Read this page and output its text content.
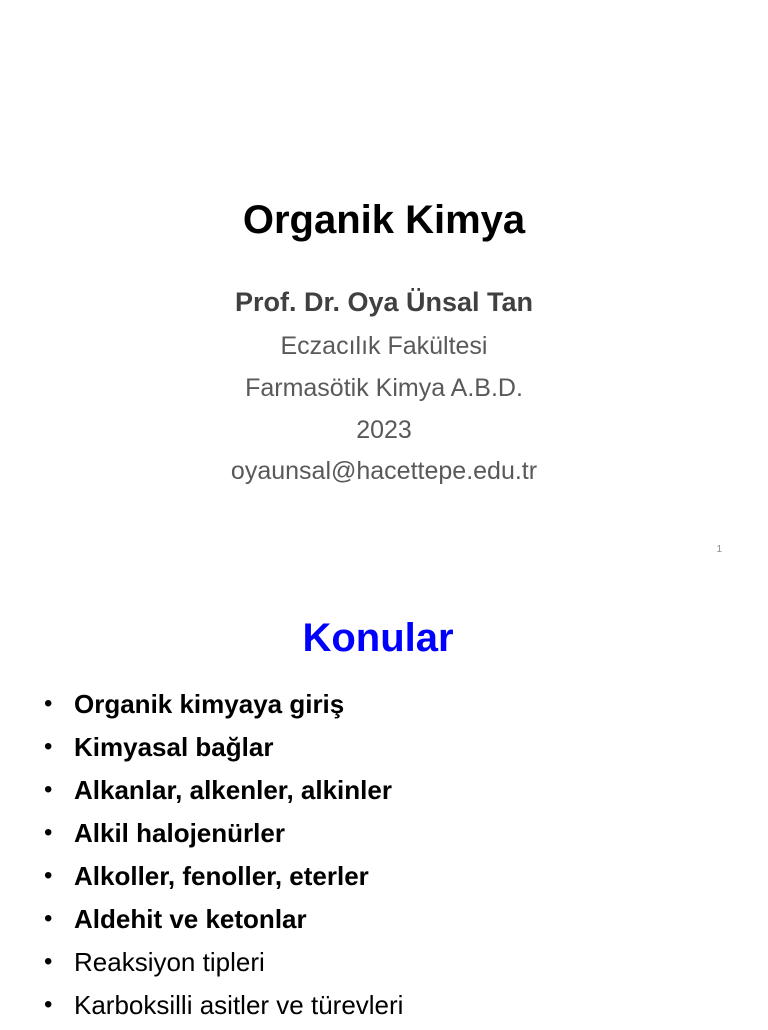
Organik Kimya
Prof. Dr. Oya Ünsal Tan
Eczacılık Fakültesi
Farmasötik Kimya A.B.D.
2023
oyaunsal@hacettepe.edu.tr
1
Konular
• Organik kimyaya giriş
• Kimyasal bağlar
• Alkanlar, alkenler, alkinler
• Alkil halojenürler
• Alkoller, fenoller, eterler
• Aldehit ve ketonlar
• Reaksiyon tipleri
• Karboksilli asitler ve türevleri
